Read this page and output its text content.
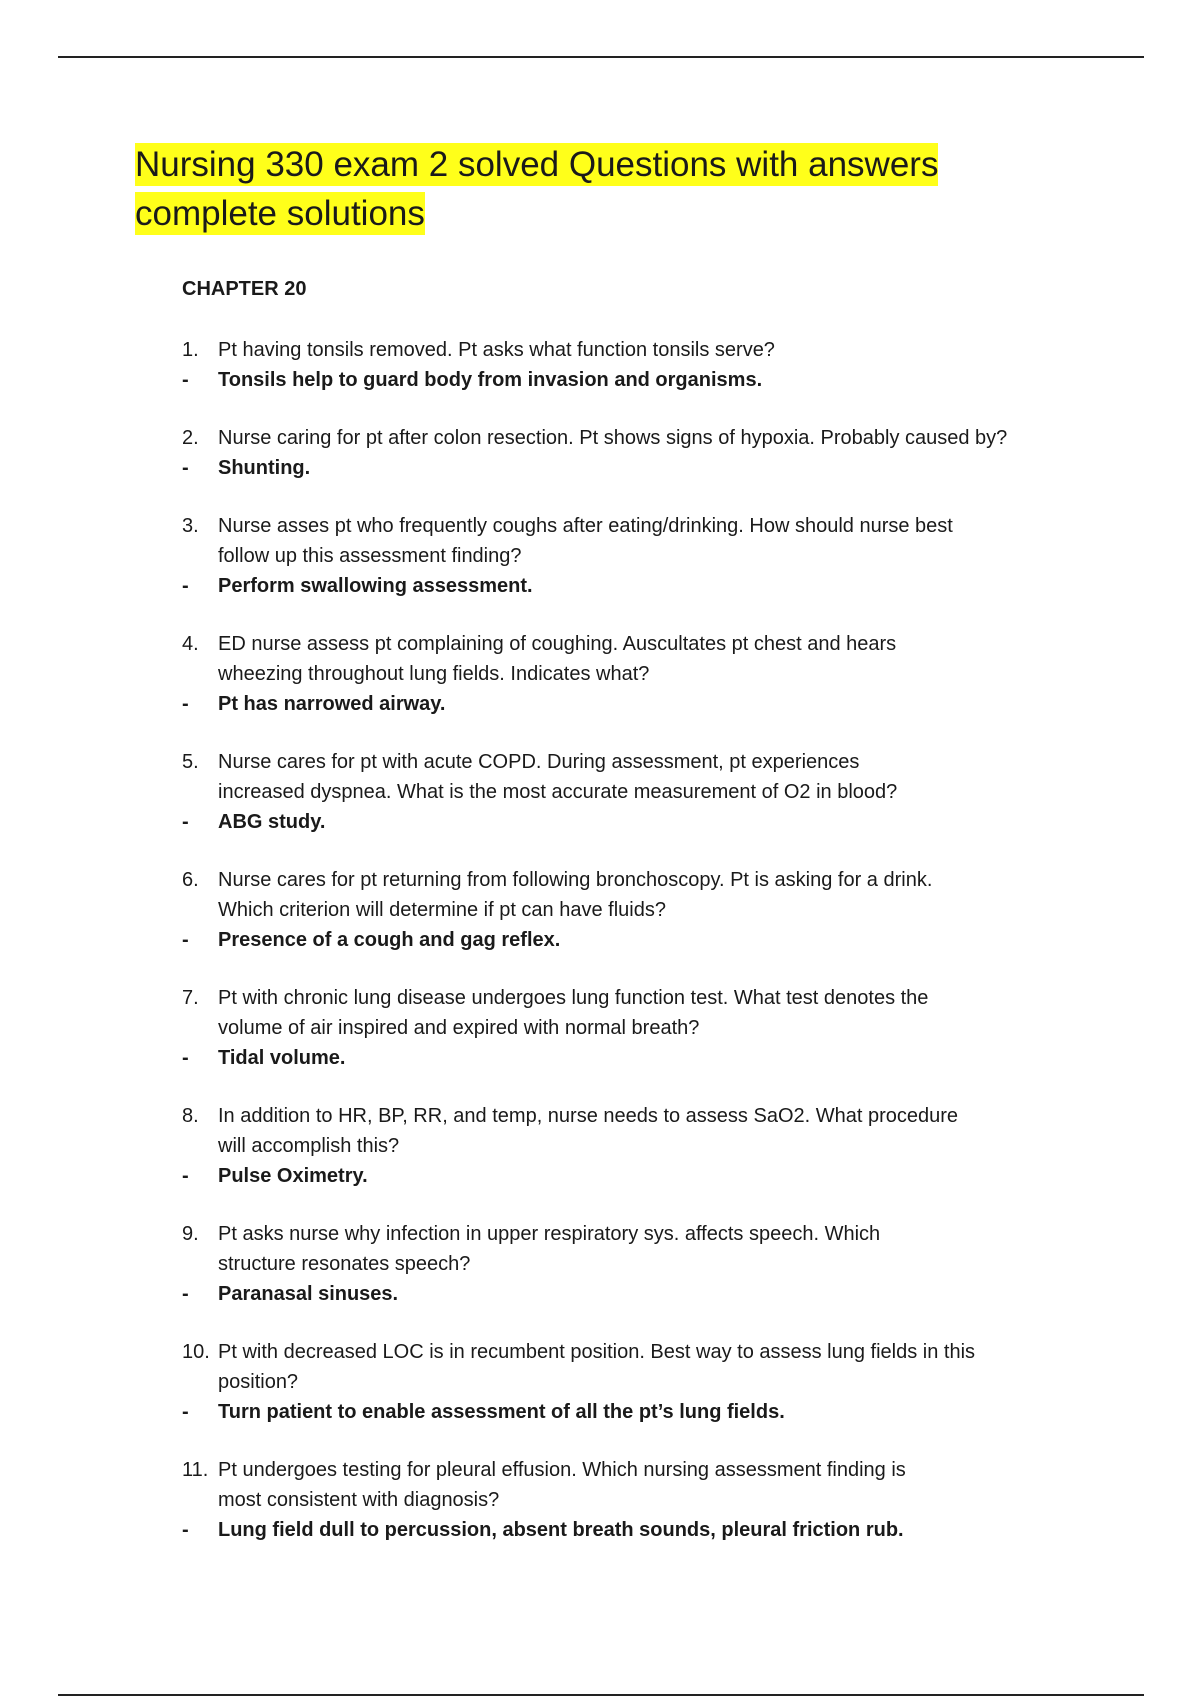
Nursing 330 exam 2 solved Questions with answers complete solutions
CHAPTER 20
1. Pt having tonsils removed. Pt asks what function tonsils serve?
- Tonsils help to guard body from invasion and organisms.
2. Nurse caring for pt after colon resection. Pt shows signs of hypoxia. Probably caused by?
- Shunting.
3. Nurse asses pt who frequently coughs after eating/drinking. How should nurse best follow up this assessment finding?
- Perform swallowing assessment.
4. ED nurse assess pt complaining of coughing. Auscultates pt chest and hears wheezing throughout lung fields. Indicates what?
- Pt has narrowed airway.
5. Nurse cares for pt with acute COPD. During assessment, pt experiences increased dyspnea. What is the most accurate measurement of O2 in blood?
- ABG study.
6. Nurse cares for pt returning from following bronchoscopy. Pt is asking for a drink. Which criterion will determine if pt can have fluids?
- Presence of a cough and gag reflex.
7. Pt with chronic lung disease undergoes lung function test. What test denotes the volume of air inspired and expired with normal breath?
- Tidal volume.
8. In addition to HR, BP, RR, and temp, nurse needs to assess SaO2. What procedure will accomplish this?
- Pulse Oximetry.
9. Pt asks nurse why infection in upper respiratory sys. affects speech. Which structure resonates speech?
- Paranasal sinuses.
10. Pt with decreased LOC is in recumbent position. Best way to assess lung fields in this position?
- Turn patient to enable assessment of all the pt’s lung fields.
11. Pt undergoes testing for pleural effusion. Which nursing assessment finding is most consistent with diagnosis?
- Lung field dull to percussion, absent breath sounds, pleural friction rub.
